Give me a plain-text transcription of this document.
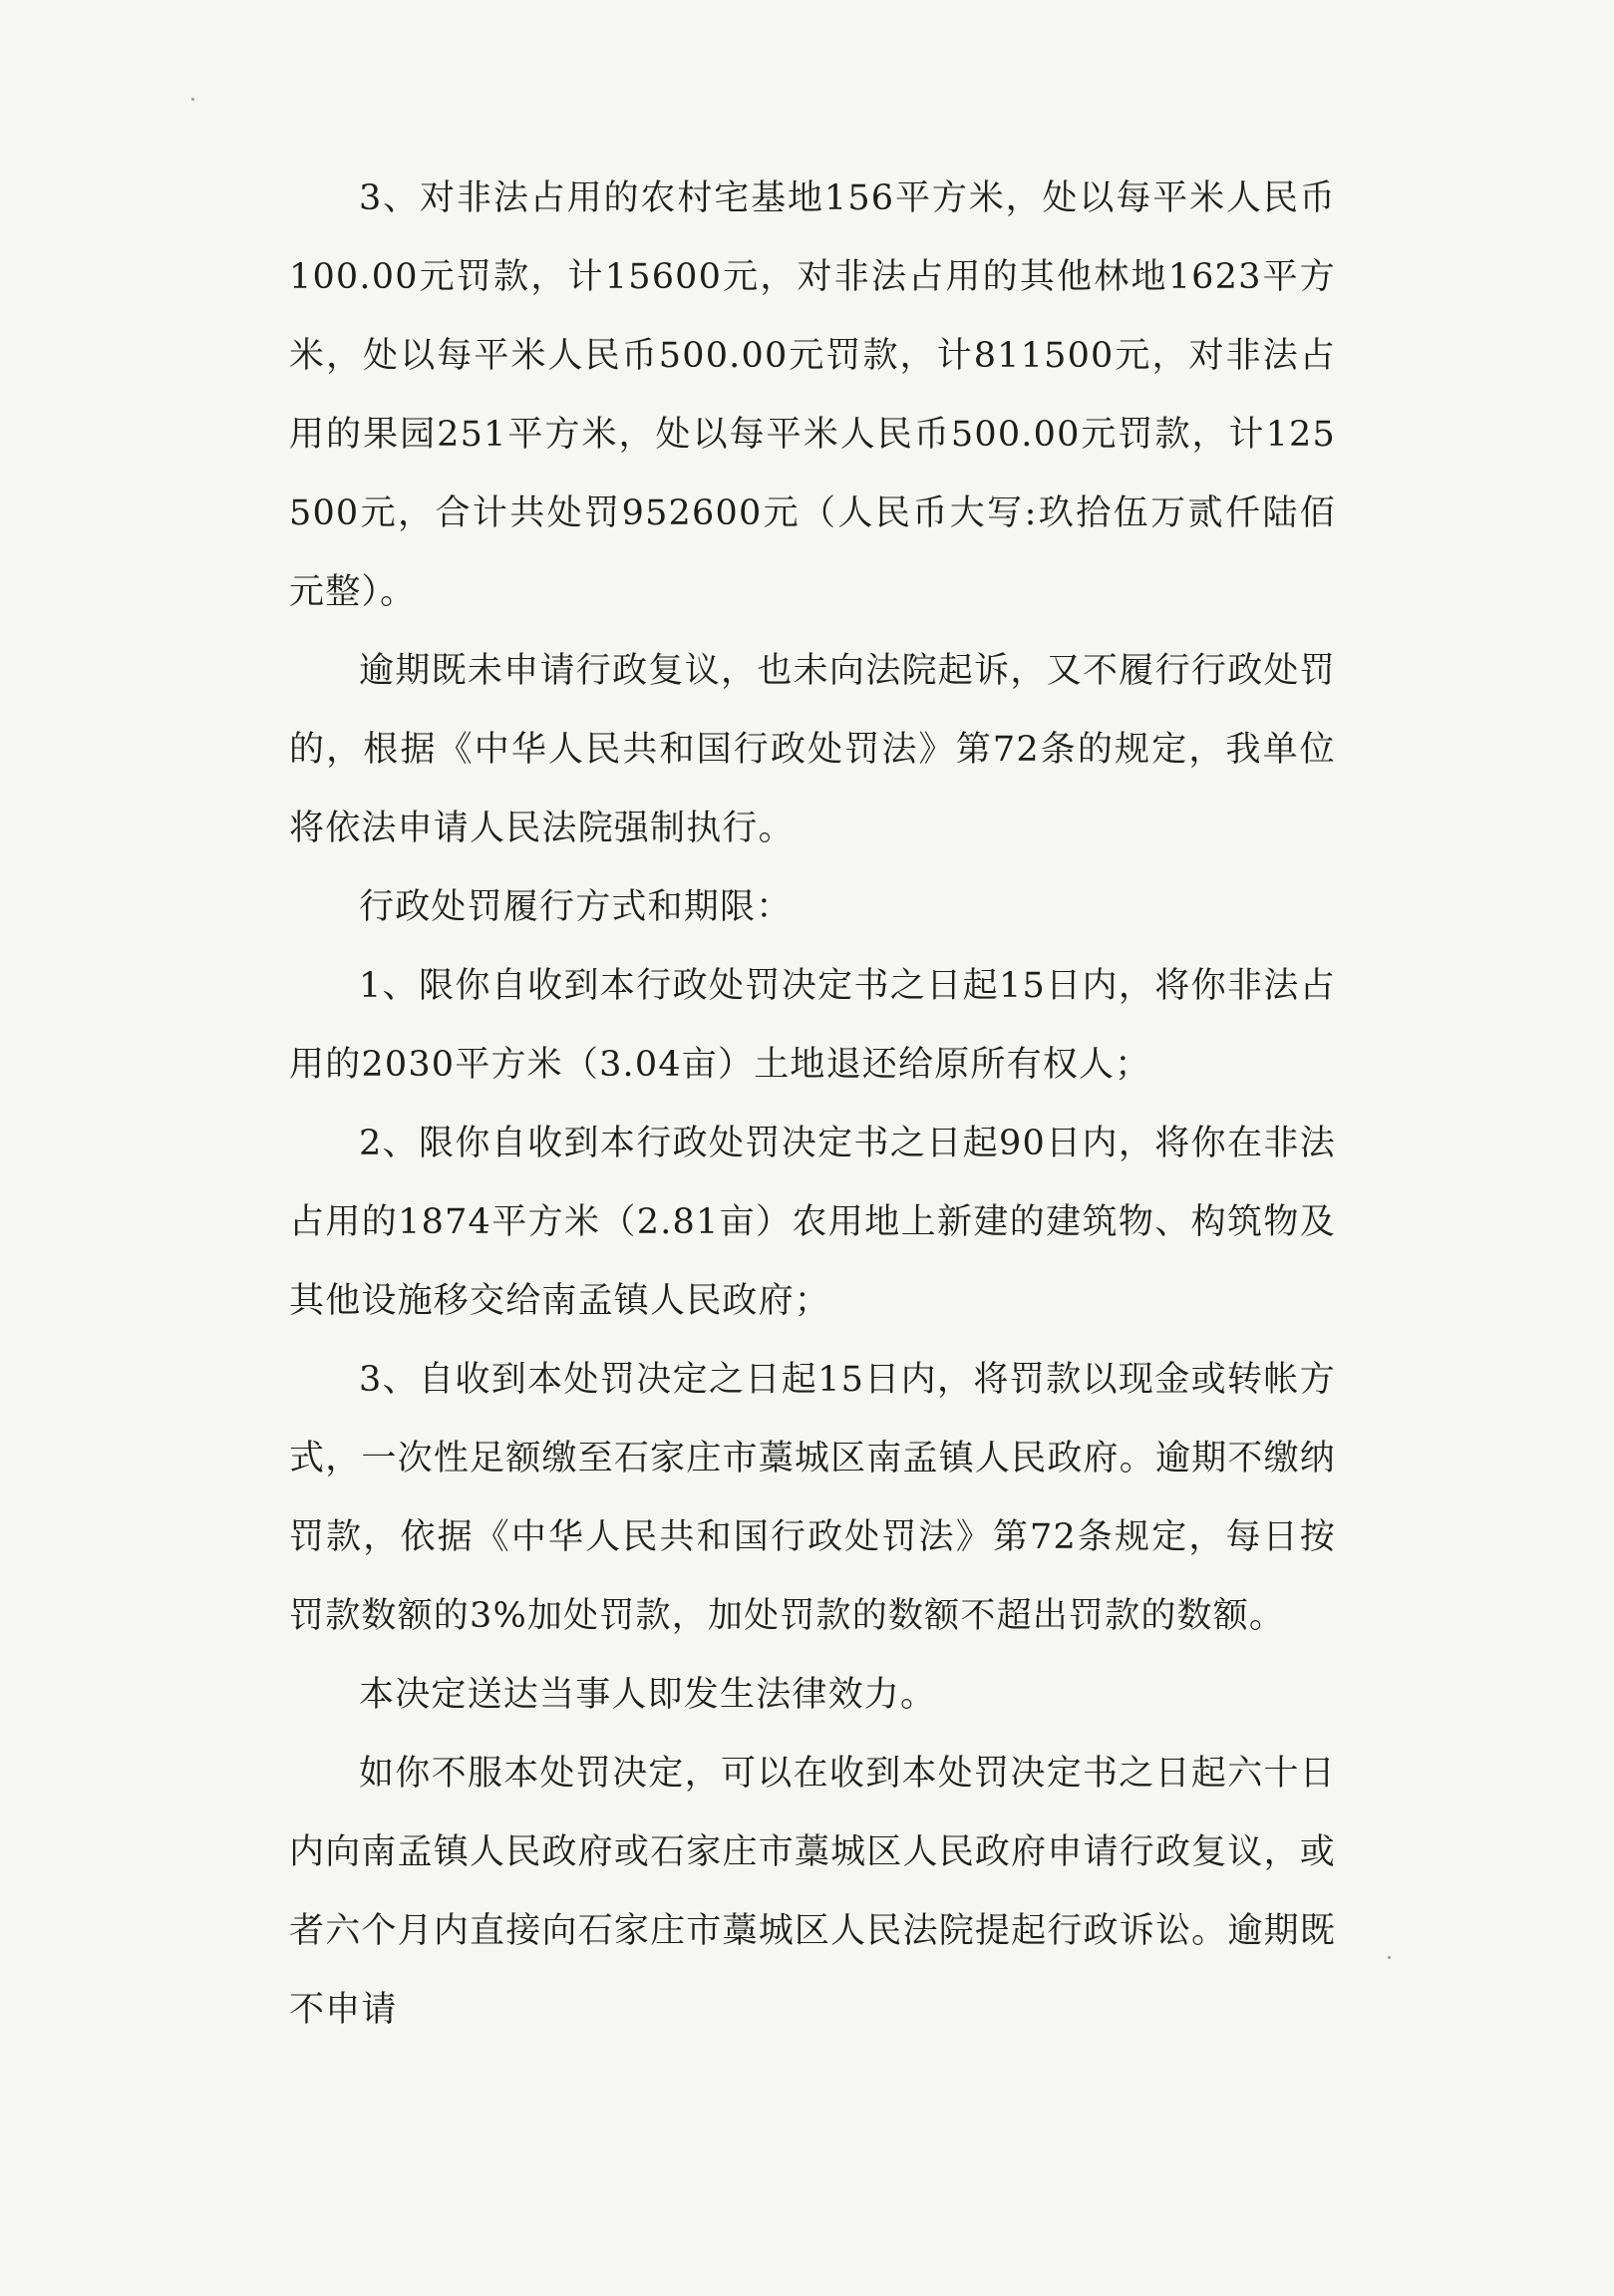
3、对非法占用的农村宅基地156平方米，处以每平米人民币100.00元罚款，计15600元，对非法占用的其他林地1623平方米，处以每平米人民币500.00元罚款，计811500元，对非法占用的果园251平方米，处以每平米人民币500.00元罚款，计125500元，合计共处罚952600元（人民币大写:玖拾伍万贰仟陆佰元整）。

逾期既未申请行政复议，也未向法院起诉，又不履行行政处罚的，根据《中华人民共和国行政处罚法》第72条的规定，我单位将依法申请人民法院强制执行。

行政处罚履行方式和期限：

1、限你自收到本行政处罚决定书之日起15日内，将你非法占用的2030平方米（3.04亩）土地退还给原所有权人；

2、限你自收到本行政处罚决定书之日起90日内，将你在非法占用的1874平方米（2.81亩）农用地上新建的建筑物、构筑物及其他设施移交给南孟镇人民政府；

3、自收到本处罚决定之日起15日内，将罚款以现金或转帐方式，一次性足额缴至石家庄市藁城区南孟镇人民政府。逾期不缴纳罚款，依据《中华人民共和国行政处罚法》第72条规定，每日按罚款数额的3%加处罚款，加处罚款的数额不超出罚款的数额。

本决定送达当事人即发生法律效力。

如你不服本处罚决定，可以在收到本处罚决定书之日起六十日内向南孟镇人民政府或石家庄市藁城区人民政府申请行政复议，或者六个月内直接向石家庄市藁城区人民法院提起行政诉讼。逾期既不申请
